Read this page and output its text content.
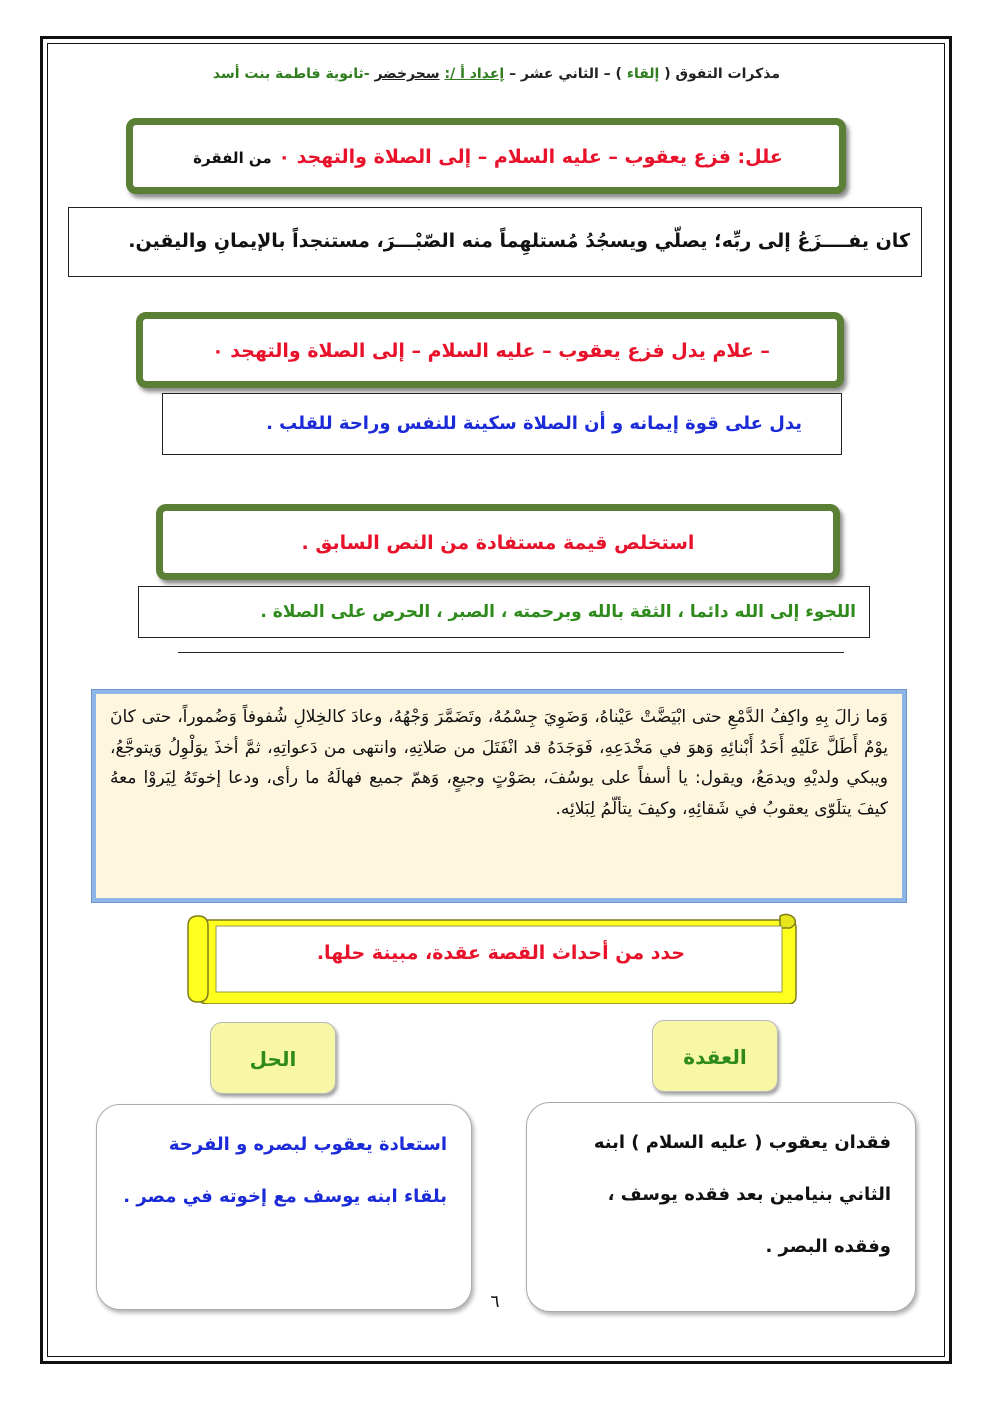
مذكرات التفوق ( إلقاء ) – الثاني عشر – إعداد أ /: سحرخضر -ثانوية فاطمة بنت أسد
علل: فزع يعقوب – عليه السلام – إلى الصلاة والتهجد ٠ من الفقرة
كان يفــــزَعُ إلى ربِّه؛ يصلّي ويسجُدُ مُستلهِماً منه الصّبْـــرَ، مستنجداً بالإيمانِ واليقين.
– علام يدل فزع يعقوب – عليه السلام – إلى الصلاة والتهجد ٠
يدل على قوة إيمانه و أن الصلاة سكينة للنفس وراحة للقلب .
استخلص قيمة مستفادة من النص السابق .
اللجوء إلى الله دائما ، الثقة بالله وبرحمته ، الصبر ، الحرص على الصلاة .
وَما زالَ بِهِ واكِفُ الدَّمْعِ حتى ابْيَضَّتْ عَيْناهُ، وَضَوِيَ جِسْمُهُ، وتَضَمَّرَ وَجْهُهُ، وعادَ كالخِلالِ شُفوفاً وَضُموراً، حتى كانَ يوْمٌ أَطَلَّ عَلَيْهِ أَحَدُ أَبْنائِهِ وَهوَ في مَخْدَعِهِ، فَوَجَدَهُ قد انْفَتَلَ من صَلاتِهِ، وانتهى من دَعواتِهِ، ثمَّ أخذَ يوَلْوِلُ وَيتوجَّعُ، ويبكي ولديْهِ ويدمَعُ، ويقول: يا أسفاً على يوسُفَ، بصَوْتٍ وجيعٍ، وَهمّ جميع فهالَهُ ما رأى، ودعا إخوتَهُ لِيَروْا معهُ كيفَ يتلَوّى يعقوبُ في شَقائِهِ، وكيفَ يتألّمُ لِبَلائِه.
حدد من أحداث القصة عقدة، مبينة حلها.
العقدة
الحل
فقدان يعقوب ( عليه السلام ) ابنه الثاني بنيامين بعد فقده يوسف ، وفقده البصر .
استعادة يعقوب لبصره و الفرحة بلقاء ابنه يوسف مع إخوته في مصر .
٦
